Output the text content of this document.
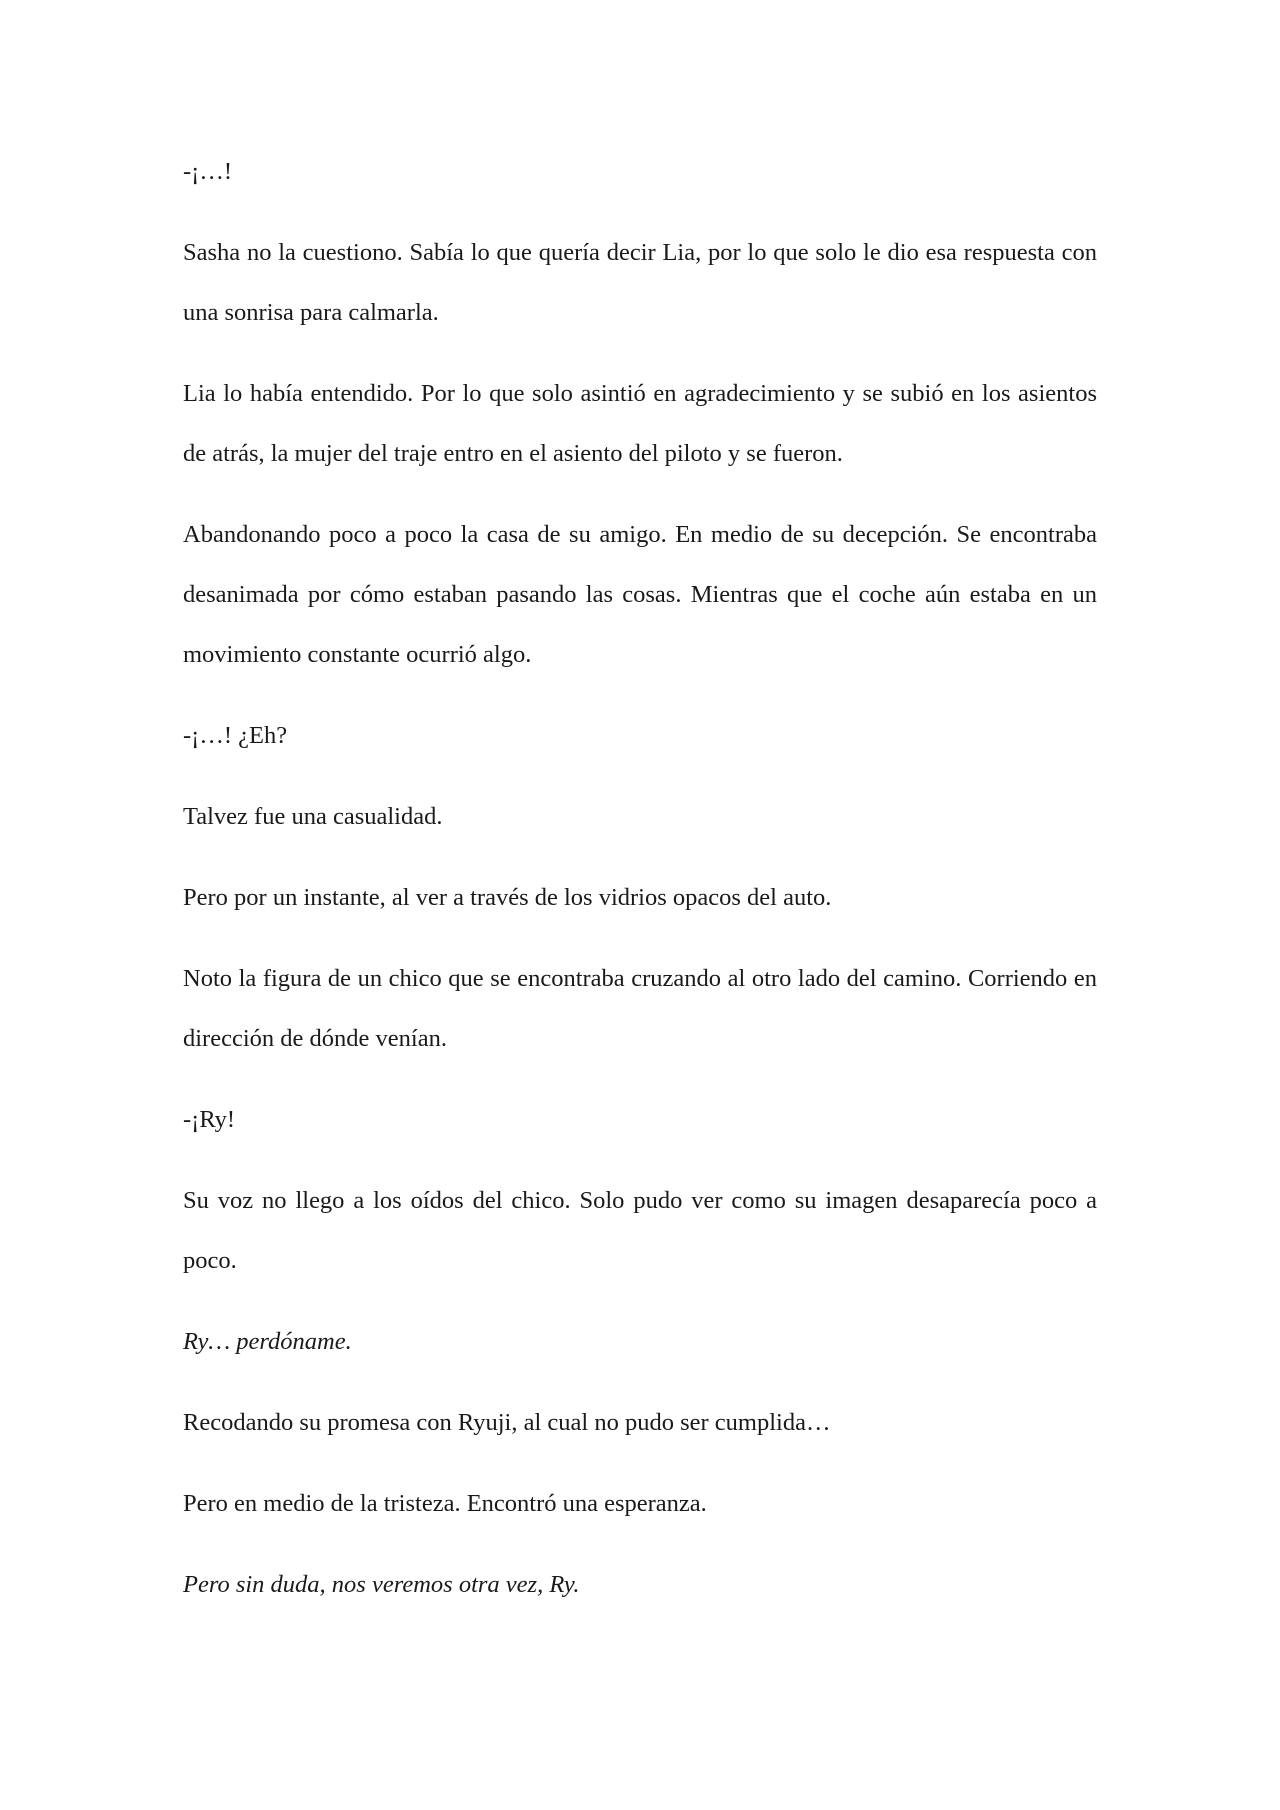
-¡…!

Sasha no la cuestiono. Sabía lo que quería decir Lia, por lo que solo le dio esa respuesta con una sonrisa para calmarla.

Lia lo había entendido. Por lo que solo asintió en agradecimiento y se subió en los asientos de atrás, la mujer del traje entro en el asiento del piloto y se fueron.

Abandonando poco a poco la casa de su amigo. En medio de su decepción. Se encontraba desanimada por cómo estaban pasando las cosas. Mientras que el coche aún estaba en un movimiento constante ocurrió algo.

-¡…! ¿Eh?

Talvez fue una casualidad.

Pero por un instante, al ver a través de los vidrios opacos del auto.

Noto la figura de un chico que se encontraba cruzando al otro lado del camino. Corriendo en dirección de dónde venían.

-¡Ry!

Su voz no llego a los oídos del chico. Solo pudo ver como su imagen desaparecía poco a poco.

Ry… perdóname.

Recodando su promesa con Ryuji, al cual no pudo ser cumplida…

Pero en medio de la tristeza. Encontró una esperanza.

Pero sin duda, nos veremos otra vez, Ry.
